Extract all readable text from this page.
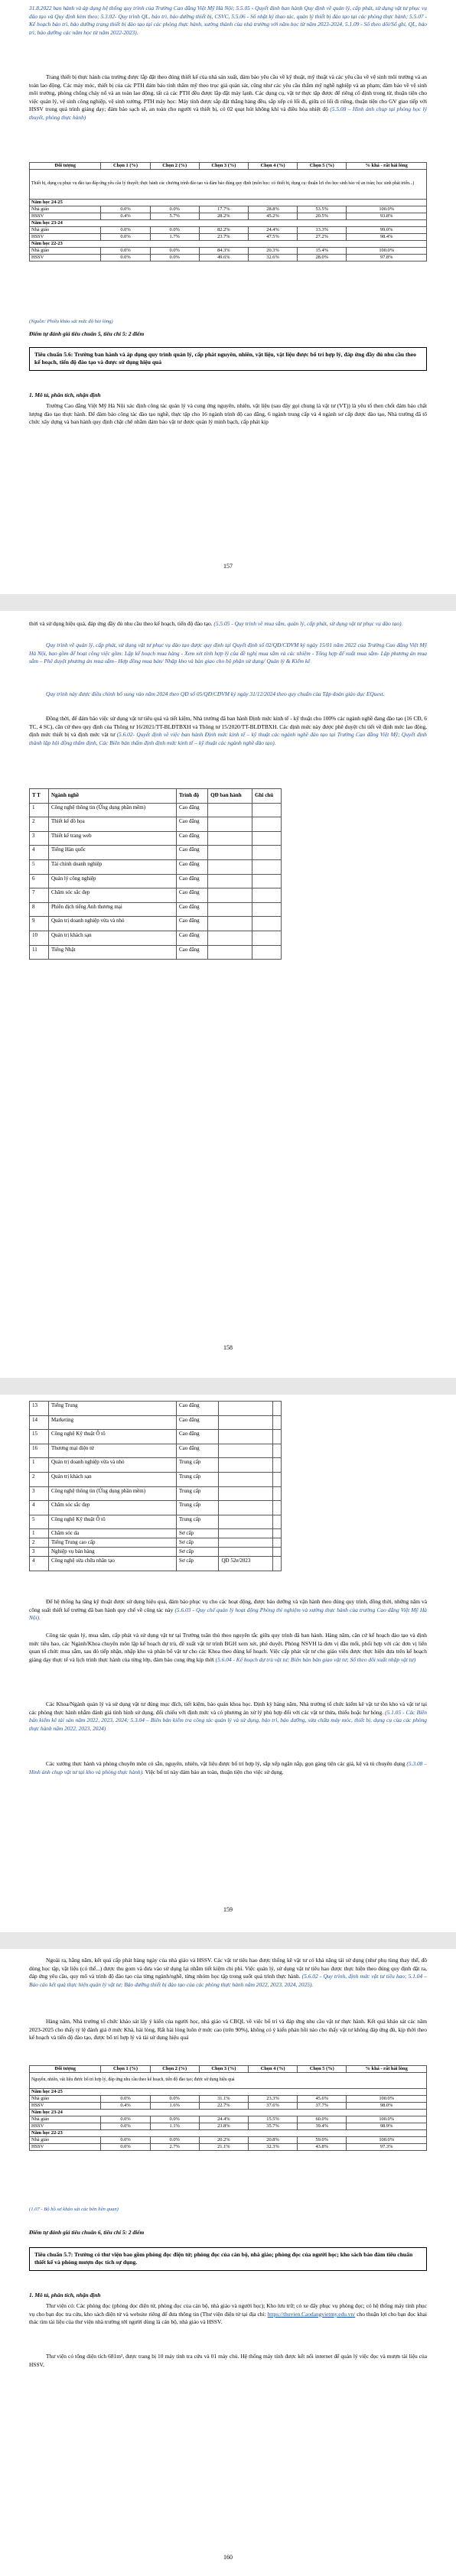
31.8.2022 ban hành và áp dụng hệ thống quy trình của Trường Cao đẳng Việt Mỹ Hà Nội; 5.5.05 - Quyết định ban hành Quy định về quản lý, cấp phát, sử dụng vật tư phục vụ đào tạo và Quy định kèm theo; 5.3.02- Quy trình QL, báo trì, bảo dưỡng thiết bị, CSVC, 5.5.06 - Sổ nhật ký thao tác, quản lý thiết bị đào tạo tại các phòng thực hành; 5.5.07 - Kế hoạch bảo trì, bảo dưỡng trang thiết bị đào tạo tại các phòng thực hành, xưởng thành của nhà trường với năm học từ năm 2023-2024, 5.1.09 - Sổ theo dõi/Sổ ghi, QL, bảo trì, bảo dưỡng các năm học từ năm 2022-2023).
Trang thiết bị thực hành của trường được lắp đặt theo đúng thiết kế của nhà sản xuất, đảm bảo yêu cầu về kỹ thuật, mỹ thuật và các yêu cầu về vệ sinh môi trường và an toàn lao động. Các máy móc, thiết bị của các PTH đảm bảo tính thẩm mỹ theo trục giá quản sát, cũng như các yêu cầu thẩm mỹ nghề nghiệp và an phạm; đảm bảo về vệ sinh môi trường, phòng chống cháy nổ và an toàn lao động, tất cả các PTH đều được lắp đặt máy lạnh. Các dụng cụ, vật tư thực tập được để riêng cố định trong từ, thuận tiện cho việc quản lý, vệ sinh công nghiệp, vệ sinh xưởng. PTH máy học: Máy tính được sắp đặt thẳng hàng đều, sắp xếp có lối đi, giữa có lối đi riêng, thuận tiện cho GV giao tiếp với HSSV trong quá trình giảng dạy; đảm bảo sạch sẽ, an toàn cho người và thiết bị, có 02 quạt hút không khí và điều hòa nhiệt độ (5.5.08 – Hình ảnh chụp tại phòng học lý thuyết, phòng thực hành)
Đối tượng	Chọn 1 (%)	Chọn 2 (%)	Chọn 3 (%)	Chọn 4 (%)	Chọn 5 (%)	% khá - rất hài lòng
Thiết bị, dụng cụ phục vụ đào tạo đáp ứng yêu cầu lý thuyết; thực hành các chương trình đào tạo và đảm bảo đúng quy định (môn học: có thiết bị, dụng cụ: thuận lợi cho học sinh bảo vệ an toàn; học sinh phát triển...)						
Năm học 24-25						
Nhà giáo	0.0%	0.0%	17.7%	28.8%	53.5%	100.0%
HSSV	0.4%	5.7%	28.2%	45.2%	20.5%	93.8%
Năm học 23-24						
Nhà giáo	0.0%	0.0%	82.2%	24.4%	13.3%	99.0%
HSSV	0.0%	1.7%	23.7%	47.5%	27.2%	98.4%
Năm học 22-23						
Nhà giáo	0.0%	0.0%	84.3%	20.3%	15.4%	100.0%
HSSV	0.0%	0.0%	49.6%	32.6%	28.0%	97.8%
(Nguồn: Phiếu khảo sát mức độ hài lòng)
Điểm tự đánh giá tiêu chuẩn 5, tiêu chí 5: 2 điểm
Tiêu chuẩn 5.6: Trường ban hành và áp dụng quy trình quản lý, cấp phát nguyên, nhiên, vật liệu, vật liệu được bổ trí hợp lý, đáp ứng đầy đủ nhu cầu theo kế hoạch, tiến độ đào tạo và được sử dụng hiệu quả
1. Mô tả, phân tích, nhận định
Trường Cao đẳng Việt Mỹ Hà Nội xác định công tác quản lý và cung ứng nguyên, nhiên, vật liệu (sau đây gọi chung là vật tư (VT)) là yêu tố then chốt đảm bảo chất lượng đào tạo thực hành. Để đảm bảo công tác đào tạo nghề, thực tập cho 16 ngành trình độ cao đẳng, 6 ngành trung cấp và 4 ngành sơ cấp được đào tạo, Nhà trường đã tổ chức xây dựng và ban hành quy định chặt chẽ nhằm đảm bảo vật tư được quản lý minh bạch, cấp phát kịp
157
thời và sử dụng hiệu quả, đáp ứng đầy đủ nhu cầu theo kế hoạch, tiến độ đào tạo. (5.5.05 - Quy trình về mua sắm, quản lý, cấp phát, sử dụng vật tư phục vụ đào tạo).
Quy trình về quản lý, cấp phát, sử dụng vật tư phục vụ đào tạo được quy định tại Quyết định số 02/QĐ/CĐVM ký ngày 15/01 năm 2022 của Trường Cao đẳng Việt Mỹ Hà Nội, bao gồm để hoạt công việc gồm: Lập kế hoạch mua hàng - Xem xét tính hợp lý của đề nghị mua sắm và các nhiệm - Tổng hợp để xuất mua sắm- Lập phương án mua sắm – Phê duyệt phương án mua sắm– Hợp đồng mua bán/ Nhập kho và bàn giao cho bộ phận sử dụng/ Quản lý & Kiểm kê
Quy trình này được điều chỉnh bổ sung vào năm 2024 theo QĐ số 05/QĐ/CĐVM ký ngày 31/12/2024 theo quy chuẩn của Tập đoàn giáo dục EQuest.
Đồng thời, để đảm bảo việc sử dụng vật tư tiêu quả và tiết kiệm, Nhà trường đã ban hành Định mức kinh tế - kỹ thuật cho 100% các ngành nghề đang đào tạo (16 CĐ, 6 TC, 4 SC), căn cứ theo quy định của Thông tư 16/2021/TT-BLĐTBXH và Thông tư 15/2020/TT-BLĐTBXH. Các định mức này được phê duyệt chi tiết về định mức lao động, định mức thiết bị và định mức vật tư (5.6.02- Quyết định về việc ban hành Định mức kinh tế – kỹ thuật các ngành nghề đào tạo tại Trường Cao đẳng Việt Mỹ; Quyết định thành lập hội đồng thẩm định, Các Biên bản thẩm định định mức kinh tế – kỹ thuật các ngành nghề đào tạo).
T T	Ngành nghề	Trình độ	QĐ ban hành	Ghi chú
1	Công nghệ thông tin (Ứng dụng phần mềm)	Cao đẳng		
2	Thiết kế đồ họa	Cao đẳng		
3	Thiết kế trang web	Cao đẳng		
4	Tiếng Hàn quốc	Cao đẳng		
5	Tài chính doanh nghiệp	Cao đẳng		
6	Quản lý công nghiệp	Cao đẳng		
7	Chăm sóc sắc đẹp	Cao đẳng		
8	Phiên dịch tiếng Anh thương mại	Cao đẳng		
9	Quản trị doanh nghiệp vừa và nhỏ	Cao đẳng		
10	Quản trị khách sạn	Cao đẳng		
11	Tiếng Nhật	Cao đẳng		
158
13	Tiếng Trung	Cao đẳng		
14	Marketing	Cao đẳng		
15	Công nghệ Kỹ thuật Ô tô	Cao đẳng		
16	Thương mại điện tử	Cao đẳng		
1	Quản trị doanh nghiệp vừa và nhỏ	Trung cấp		
2	Quản trị khách sạn	Trung cấp		
3	Công nghệ thông tin (Ứng dụng phần mềm)	Trung cấp		
4	Chăm sóc sắc đẹp	Trung cấp		
5	Công nghệ Kỹ thuật Ô tô	Trung cấp		
1	Chăm sóc da	Sơ cấp		
2	Tiếng Trung cao cấp	Sơ cấp		
3	Nghiệp vụ bán hàng	Sơ cấp		
4	Công nghệ sửa chữa nhân tạo	Sơ cấp	QĐ 52e/2023	
Để hệ thống hạ tầng kỹ thuật được sử dụng hiệu quả, đảm bảo phục vụ cho các hoạt động, được bảo dưỡng và vận hành theo đúng quy trình, đồng thời, những năm và công suất thiết kế trường đã ban hành quy chế về công tác này (5.6.03 - Quy chế quản lý hoạt động Phòng thí nghiệm và xưởng thực hành của trường Cao đẳng Việt Mỹ Hà Nội).
Công tác quản lý, mua sắm, cấp phát và sử dụng vật tư tại Trường tuân thủ theo nguyên tắc giữa quy trình đã ban hành. Hàng năm, căn cứ kế hoạch đào tạo và định mức tiêu hao, các Ngành/Khoa chuyên môn lập kế hoạch dự trù, đề xuất vật tư trình BGH xem xét, phê duyệt. Phòng NSVH là đơn vị đầu mối, phối hợp với các đơn vị liên quan tổ chức mua sắm, sau đó tiếp nhận, nhập kho và phân bổ vật tư cho các Khoa theo đúng kế hoạch. Việc cấp phát vật tư cho giáo viên được thực hiện dựa trên kế hoạch giảng dạy thực tế và lịch trình thực hành của từng lớp, đảm bảo cung ứng kịp thời (5.6.04 - Kế hoạch dự trù vật tư; Biên bản bàn giao vật tư; Sổ theo dõi xuất nhập vật tư)
Các Khoa/Ngành quản lý và sử dụng vật tư đúng mục đích, tiết kiệm, bảo quản khoa học. Định kỳ hàng năm, Nhà trường tổ chức kiểm kê vật tư tồn kho và vật tư tại các phòng thực hành nhằm đánh giá tình hình sử dụng, đối chiếu với định mức và có phương án xử lý phù hợp đối với các vật tư thừa, thiếu hoặc hư hỏng. (5.1.05 - Các Biên bản kiểm kê tài sản năm 2022, 2023, 2024; 5.3.04 – Biên bản kiểm tra công tác quản lý và sử dụng, bảo trì, bảo dưỡng, sửa chữa máy móc, thiết bị, dụng cụ của các phòng thực hành năm 2022, 2023, 2024)
Các xưởng thực hành và phòng chuyên môn có sẵn, nguyên, nhiên, vật liệu được bổ trí hợp lý, sắp xếp ngăn nắp, gọn gàng tiện các giá, kệ và tủ chuyên dụng (5.3.08 – Hình ảnh chụp vật tư tại kho và phòng thực hành). Việc bố trí này đảm bảo an toàn, thuận tiện cho việc sử dụng.
159
Ngoài ra, hằng năm, kết quả cấp phát hàng ngày của nhà giáo và HSSV. Các vật tư tiêu hao được thống kê vật tư có khả năng tái sử dụng (như phụ tùng thay thế, đồ dùng học tập, vật liệu (có thể...) được thu gom và đưa vào sử dụng lại nhằm tiết kiệm chi phí. Việc quản lý, sử dụng vật tư tiêu hao được thực hiện theo đúng quy định đặt ra, đáp ứng yêu cầu, quy mô và trình độ đào tạo của từng ngành/nghề, từng nhóm học tập trong suốt quá trình thực hành. (5.6.02 - Quy trình, định mức vật tư tiêu hao; 5.1.04 – Báo cáo kết quả thực hiện quản lý vật tư; Bảo dưỡng thiết bị đào tạo của các phòng thực hành năm 2022, 2023, 2024, 2025).
Hàng năm, Nhà trường tổ chức khảo sát lấy ý kiến của người học, nhà giáo và CBQL về việc bố trí và đáp ứng nhu cầu vật tư thực hành. Kết quả khảo sát các năm 2023-2025 cho thấy tỷ lệ đánh giá ở mức Khá, hài lòng, Rất hài lòng luôn ở mức cao (trên 90%), không có ý kiến phản hồi nào cho thấy vật tư không đáp ứng đủ, kịp thời theo kế hoạch và tiến độ đào tạo, được bố trí hợp lý và tài sử dụng hiệu quả
Đối tượng	Chọn 1 (%)	Chọn 2 (%)	Chọn 3 (%)	Chọn 4 (%)	Chọn 5 (%)	% khá - rất hài lòng
Nguyên, nhiên, vật liệu được bố trí hợp lý, đáp ứng nhu cầu theo kế hoạch, tiến độ đào tạo; được sử dụng hiệu quả						
Năm học 24-25						
Nhà giáo	0.0%	0.0%	31.1%	23.3%	45.6%	100.0%
HSSV	0.4%	1.6%	22.7%	37.6%	37.7%	98.0%
Năm học 23-24						
Nhà giáo	0.0%	0.0%	24.4%	15.5%	60.0%	100.0%
HSSV	0.0%	1.1%	23.8%	35.7%	39.4%	98.9%
Năm học 22-23						
Nhà giáo	0.0%	0.0%	20.2%	20.8%	59.0%	100.0%
HSSV	0.0%	2.7%	21.1%	32.3%	43.8%	97.3%
(1.07 - Bộ hồ sơ khảo sát các bên liên quan)
Điểm tự đánh giá tiêu chuẩn 6, tiêu chí 5: 2 điểm
Tiêu chuẩn 5.7: Trường có thư viện bao gồm phòng đọc điện tử; phòng đọc của cán bộ, nhà giáo; phòng đọc của người học; kho sách bảo đảm tiêu chuẩn thiết kế và phòng mượn đọc tích sự dụng.
1. Mô tả, phân tích, nhận định
Thư viện có: Các phòng đọc (phòng đọc điện tử, phòng đọc của cán bộ, nhà giáo và người học); Kho lưu trữ; có xe đẩy phục vụ phòng đọc; có hệ thống máy tính phục vụ cho bạn đọc tra cứu, kho sách điện tử và website riêng để đưa thông tin (Thư viện điện tử tại địa chỉ: https://thuvien.Caodangvietmy.edu.vn/ cho thuận lợi cho bạn đọc khai thác tìm tài liệu của thư viện nhà trường tới người dùng là cán bộ, nhà giáo và HSSV.
Thư viện có tổng diện tích 681m², được trang bị 10 máy tính tra cứu và 01 máy chủ. Hệ thống máy tính được kết nối internet để quản lý việc đọc và mượn tài liệu của HSSV,
160
